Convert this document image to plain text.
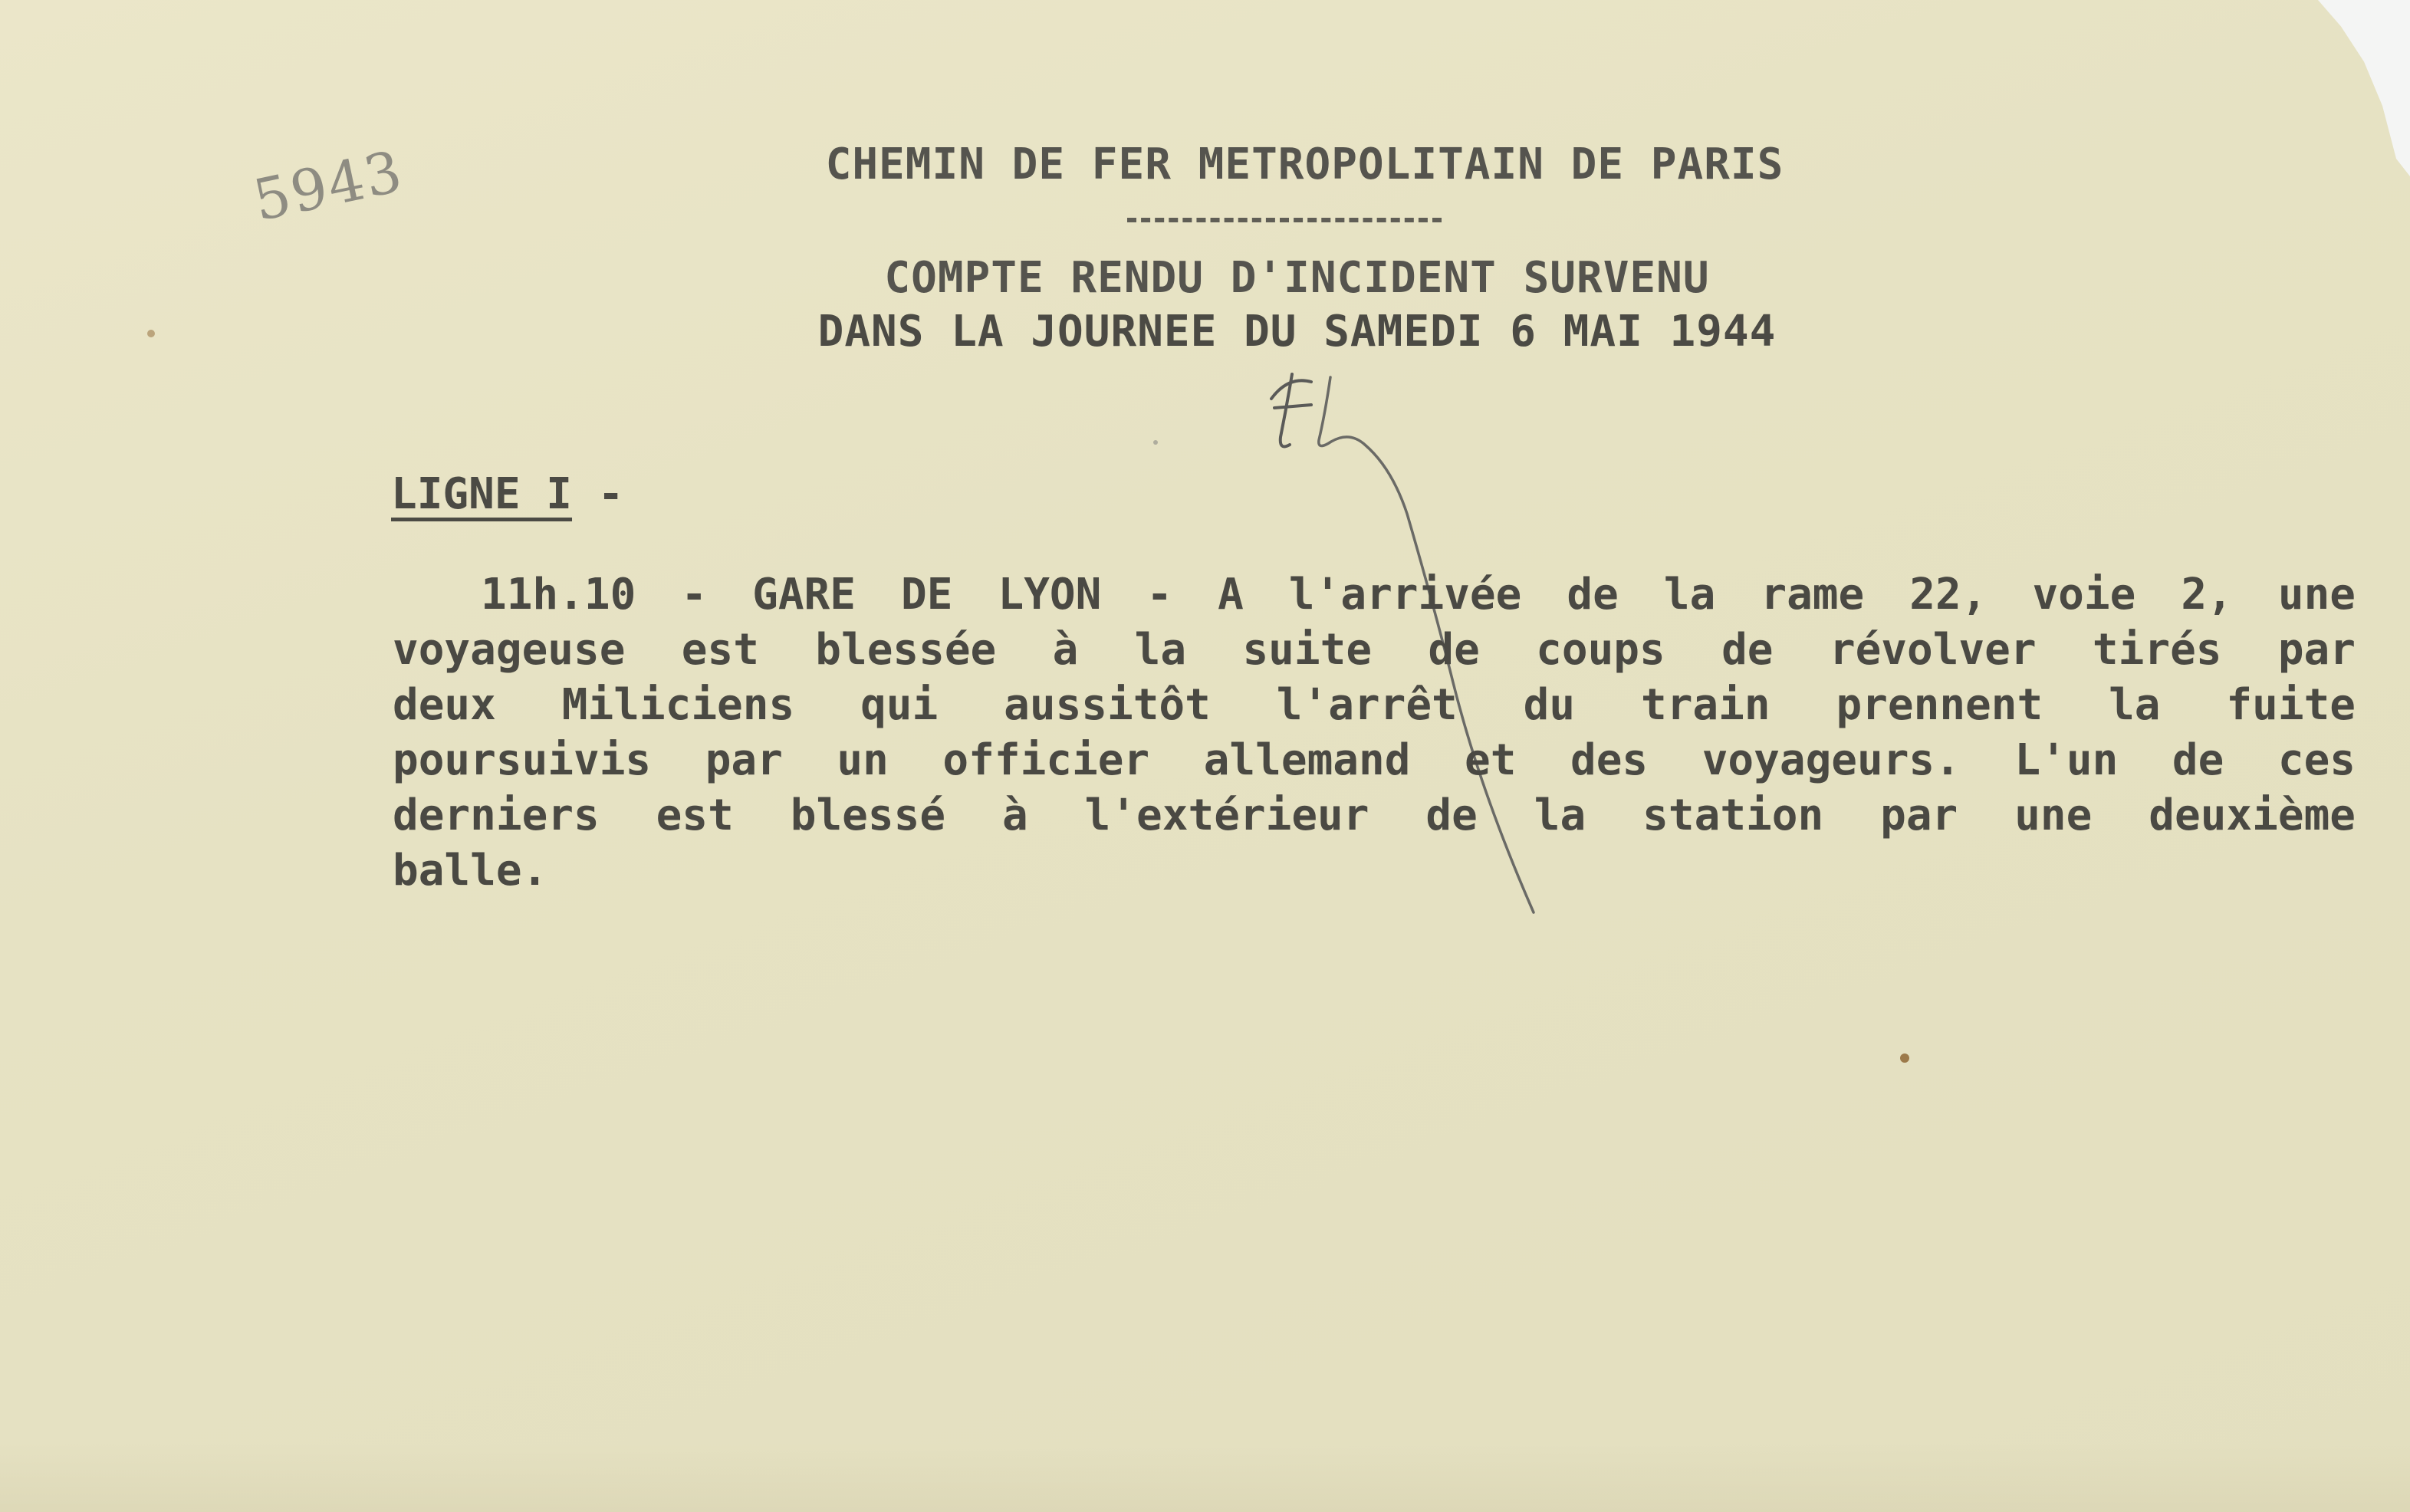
5943	CHEMIN DE FER METROPOLITAIN DE PARIS
COMPTE RENDU D'INCIDENT SURVENU
DANS LA JOURNEE DU SAMEDI 6 MAI 1944
LIGNE I -
11h.10 - GARE DE LYON - A l'arrivée de la rame 22, voie 2, une
voyageuse est blessée à la suite de coups de révolver tirés par
deux Miliciens qui aussitôt l'arrêt du train prennent la fuite
poursuivis par un officier allemand et des voyageurs. L'un de ces
derniers est blessé à l'extérieur de la station par une deuxième
balle.
